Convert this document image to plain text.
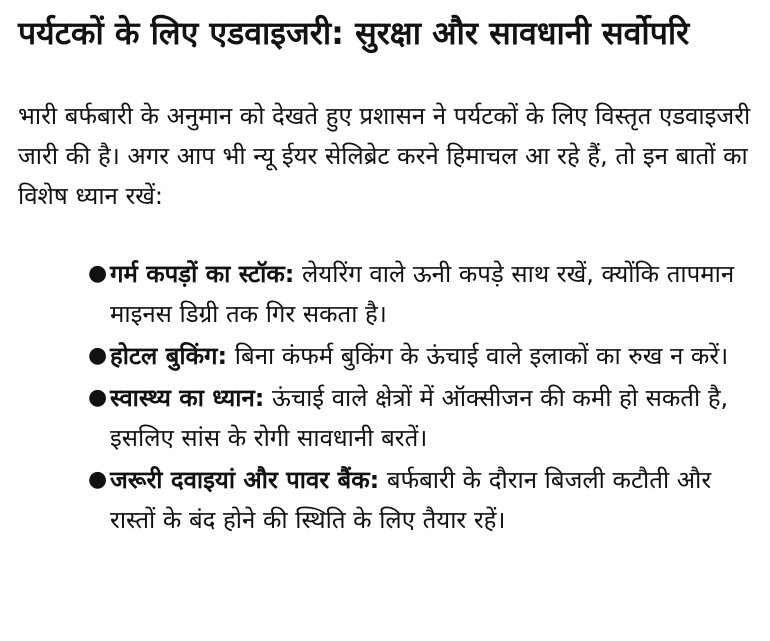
पर्यटकों के लिए एडवाइजरी: सुरक्षा और सावधानी सर्वोपरि

भारी बर्फबारी के अनुमान को देखते हुए प्रशासन ने पर्यटकों के लिए विस्तृत एडवाइजरी जारी की है। अगर आप भी न्यू ईयर सेलिब्रेट करने हिमाचल आ रहे हैं, तो इन बातों का विशेष ध्यान रखें:

● गर्म कपड़ों का स्टॉक: लेयरिंग वाले ऊनी कपड़े साथ रखें, क्योंकि तापमान माइनस डिग्री तक गिर सकता है।
● होटल बुकिंग: बिना कंफर्म बुकिंग के ऊंचाई वाले इलाकों का रुख न करें।
● स्वास्थ्य का ध्यान: ऊंचाई वाले क्षेत्रों में ऑक्सीजन की कमी हो सकती है, इसलिए सांस के रोगी सावधानी बरतें।
● जरूरी दवाइयां और पावर बैंक: बर्फबारी के दौरान बिजली कटौती और रास्तों के बंद होने की स्थिति के लिए तैयार रहें।
